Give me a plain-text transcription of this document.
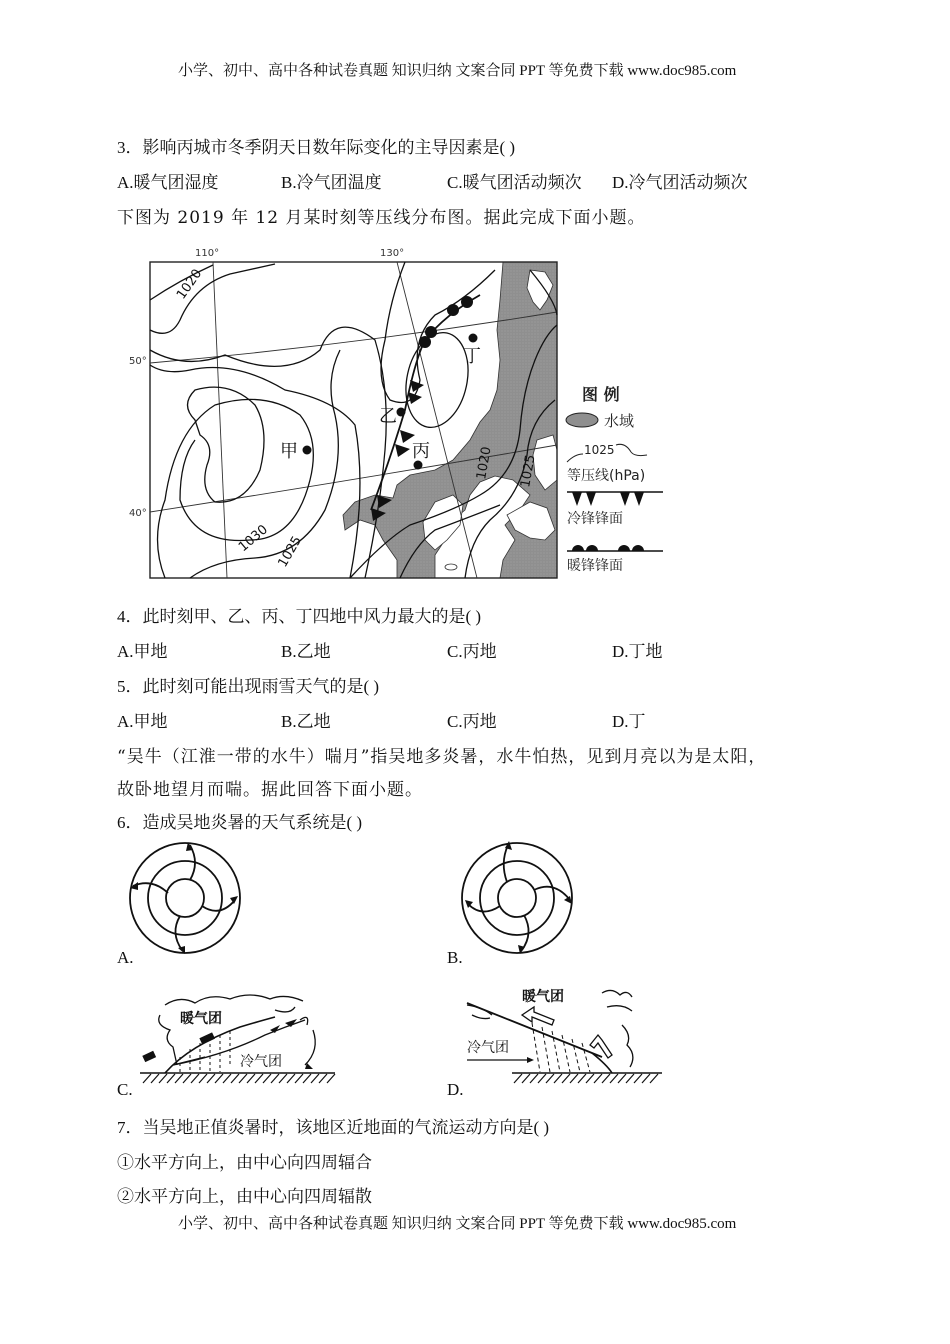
小学、初中、高中各种试卷真题 知识归纳 文案合同 PPT 等免费下载 www.doc985.com
3．影响丙城市冬季阴天日数年际变化的主导因素是( )
A.暖气团湿度	B.冷气团温度	C.暖气团活动频次 D.冷气团活动频次
下图为 2019 年 12 月某时刻等压线分布图。据此完成下面小题。
1020
1030 1025
1020 1025
甲
乙
丙
丁
110°	130°
50°
40°
图 例
水域
1025
等压线(hPa)
冷锋锋面
暖锋锋面
4．此时刻甲、乙、丙、丁四地中风力最大的是( )
A.甲地	B.乙地	C.丙地	D.丁地
5．此时刻可能出现雨雪天气的是( )
A.甲地	B.乙地	C.丙地	D.丁
“吴牛（江淮一带的水牛）喘月”指吴地多炎暑，水牛怕热，见到月亮以为是太阳，
故卧地望月而喘。据此回答下面小题。
6．造成吴地炎暑的天气系统是( )
A.	B.
暖气团
冷气团
C.
暖气团
冷气团
D.
7．当吴地正值炎暑时，该地区近地面的气流运动方向是( )
①水平方向上，由中心向四周辐合
②水平方向上，由中心向四周辐散
小学、初中、高中各种试卷真题 知识归纳 文案合同 PPT 等免费下载 www.doc985.com
